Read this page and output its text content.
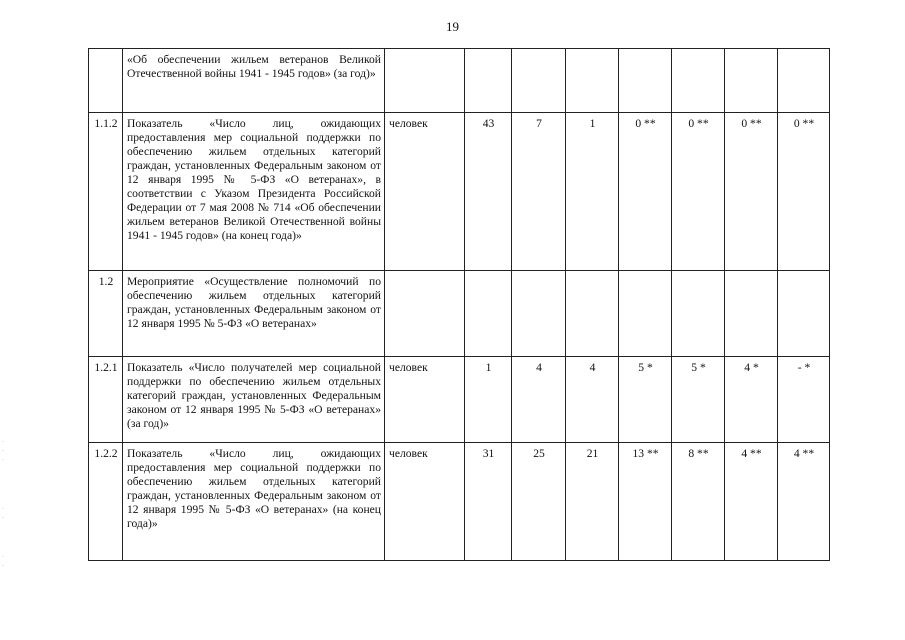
19
	«Об обеспечении жильем ветеранов Великой Отечественной войны 1941 - 1945 годов» (за год)»								
1.1.2	Показатель «Число лиц, ожидающих предоставления мер социальной поддержки по обеспечению жильем отдельных категорий граждан, установленных Федеральным законом от 12 января 1995 № 5-ФЗ «О ветеранах», в соответствии с Указом Президента Российской Федерации от 7 мая 2008 № 714 «Об обеспечении жильем ветеранов Великой Отечественной войны 1941 - 1945 годов» (на конец года)»	человек	43	7	1	0 **	0 **	0 **	0 **
1.2	Мероприятие «Осуществление полномочий по обеспечению жильем отдельных категорий граждан, установленных Федеральным законом от 12 января 1995 № 5-ФЗ «О ветеранах»								
1.2.1	Показатель «Число получателей мер социальной поддержки по обеспечению жильем отдельных категорий граждан, установленных Федеральным законом от 12 января 1995 № 5-ФЗ «О ветеранах» (за год)»	человек	1	4	4	5 *	5 *	4 *	- *
1.2.2	Показатель «Число лиц, ожидающих предоставления мер социальной поддержки по обеспечению жильем отдельных категорий граждан, установленных Федеральным законом от 12 января 1995 № 5-ФЗ «О ветеранах» (на конец года)»	человек	31	25	21	13 **	8 **	4 **	4 **
·
·
·
·
·
·
·
